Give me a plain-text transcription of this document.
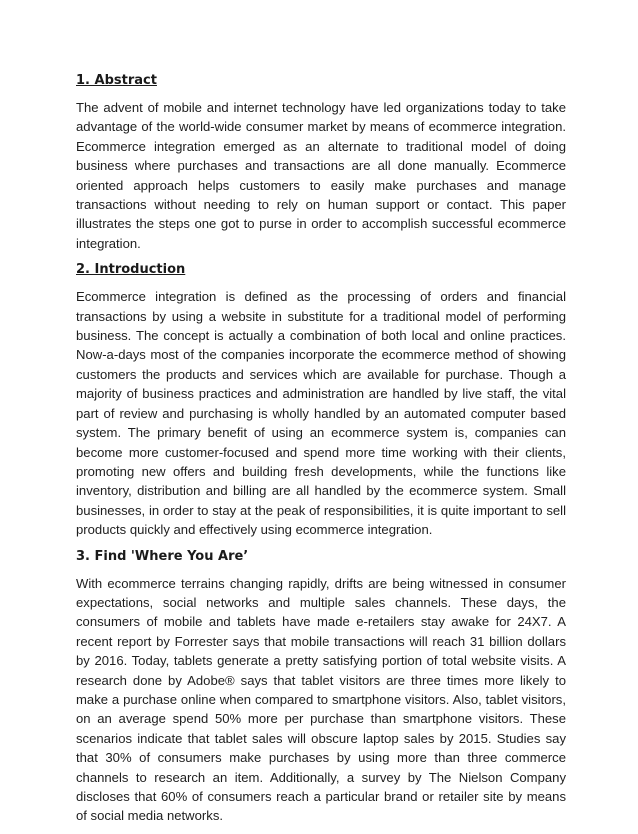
1. Abstract

The advent of mobile and internet technology have led organizations today to take advantage of the world-wide consumer market by means of ecommerce integration. Ecommerce integration emerged as an alternate to traditional model of doing business where purchases and transactions are all done manually. Ecommerce oriented approach helps customers to easily make purchases and manage transactions without needing to rely on human support or contact. This paper illustrates the steps one got to purse in order to accomplish successful ecommerce integration.

2. Introduction

Ecommerce integration is defined as the processing of orders and financial transactions by using a website in substitute for a traditional model of performing business. The concept is actually a combination of both local and online practices. Now-a-days most of the companies incorporate the ecommerce method of showing customers the products and services which are available for purchase. Though a majority of business practices and administration are handled by live staff, the vital part of review and purchasing is wholly handled by an automated computer based system. The primary benefit of using an ecommerce system is, companies can become more customer-focused and spend more time working with their clients, promoting new offers and building fresh developments, while the functions like inventory, distribution and billing are all handled by the ecommerce system. Small businesses, in order to stay at the peak of responsibilities, it is quite important to sell products quickly and effectively using ecommerce integration.

3. Find 'Where You Are’

With ecommerce terrains changing rapidly, drifts are being witnessed in consumer expectations, social networks and multiple sales channels. These days, the consumers of mobile and tablets have made e-retailers stay awake for 24X7. A recent report by Forrester says that mobile transactions will reach 31 billion dollars by 2016. Today, tablets generate a pretty satisfying portion of total website visits. A research done by Adobe® says that tablet visitors are three times more likely to make a purchase online when compared to smartphone visitors. Also, tablet visitors, on an average spend 50% more per purchase than smartphone visitors. These scenarios indicate that tablet sales will obscure laptop sales by 2015. Studies say that 30% of consumers make purchases by using more than three commerce channels to research an item. Additionally, a survey by The Nielson Company discloses that 60% of consumers reach a particular brand or retailer site by means of social media networks.
